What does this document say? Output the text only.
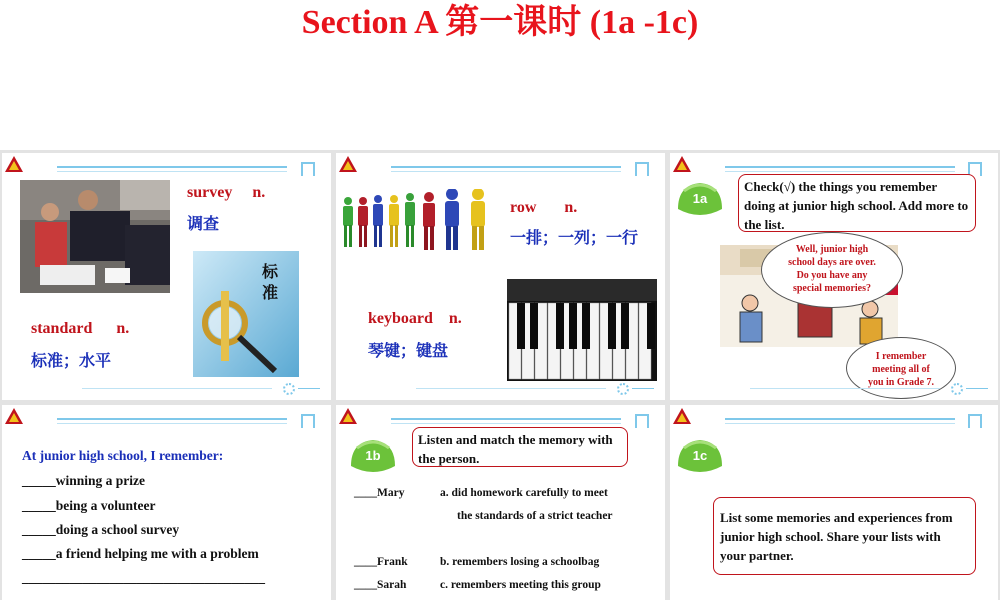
Section A 第一课时 (1a -1c)
survey     n.
调查
标准
standard      n.
标准；水平
row       n.
一排；一列；一行
keyboard    n.
琴键；键盘
1a
Check(√) the things you remember doing at junior high school. Add more to the list.
Well, junior high school days are over. Do you have any special memories?
I remember meeting all of you in Grade 7.
At junior high school, I remember:
_____winning a prize
_____being a volunteer
_____doing a school survey
_____a friend helping me with a problem
____________________________________
1b
Listen and match the memory with the person.
____Mary	a. did homework carefully to meet
the standards of a strict teacher
____Frank	b. remembers losing a schoolbag
____Sarah	c. remembers meeting this group
1c
List some memories and experiences from junior high school. Share your lists with your partner.
